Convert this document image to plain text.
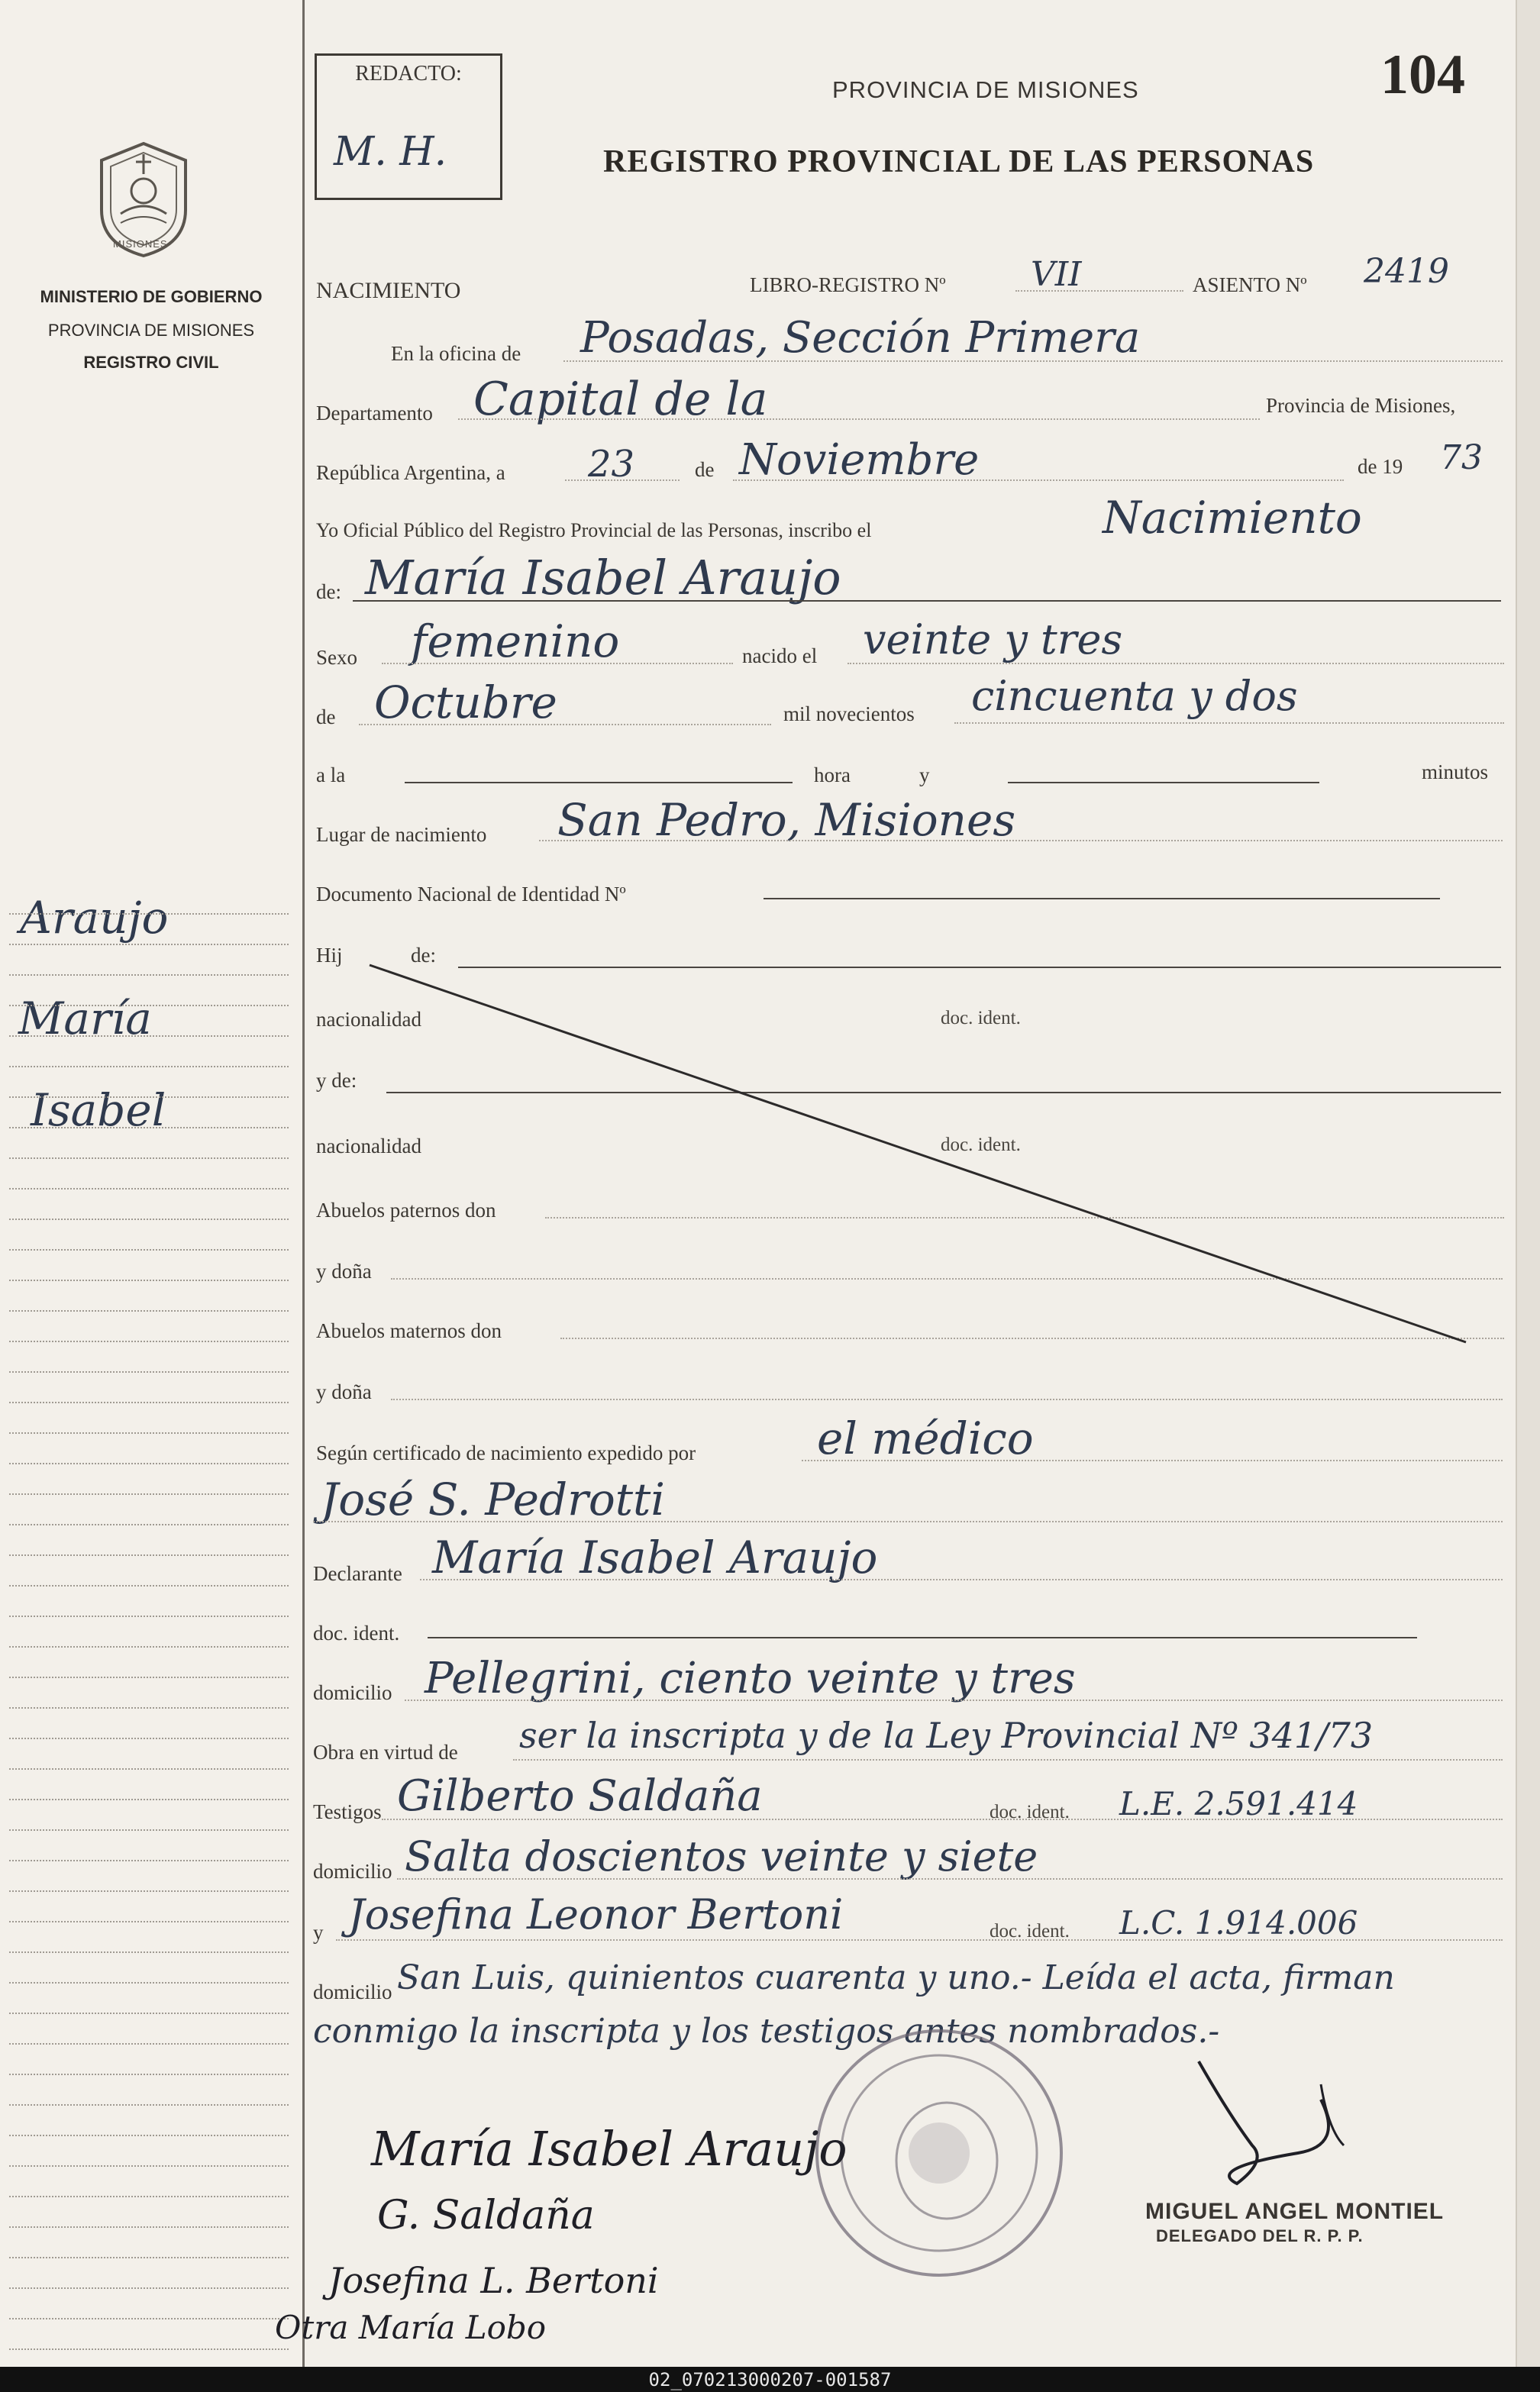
MISIONES
MINISTERIO DE GOBIERNO
PROVINCIA DE MISIONES
REGISTRO CIVIL
Araujo
María
Isabel
REDACTO:
M. H.
PROVINCIA DE MISIONES	104
REGISTRO PROVINCIAL DE LAS PERSONAS
NACIMIENTO	LIBRO-REGISTRO Nº	VII	ASIENTO Nº 2419
En la oficina de Posadas, Sección Primera
Departamento Capital de la	Provincia de Misiones,
República Argentina, a 23	de Noviembre	de 19 73
Yo Oficial Público del Registro Provincial de las Personas, inscribo el	Nacimiento
de: María Isabel Araujo
Sexo femenino	nacido el veinte y tres
de Octubre	mil novecientos cincuenta y dos
a la	hora	y	minutos
Lugar de nacimiento San Pedro, Misiones
Documento Nacional de Identidad Nº
Hij	de:
nacionalidad	doc. ident.
y de:
nacionalidad	doc. ident.
Abuelos paternos don
y doña
Abuelos maternos don
y doña
Según certificado de nacimiento expedido por	el médico
José S. Pedrotti
Declarante María Isabel Araujo
doc. ident.
domicilio Pellegrini, ciento veinte y tres
Obra en virtud de ser la inscripta y de la Ley Provincial Nº 341/73
Testigos Gilberto Saldaña	doc. ident. L.E. 2.591.414
domicilio Salta doscientos veinte y siete
y Josefina Leonor Bertoni	doc. ident. L.C. 1.914.006
domicilio San Luis, quinientos cuarenta y uno.- Leída el acta, firman conmigo la inscripta y los testigos antes nombrados.-
María Isabel Araujo
G. Saldaña
Josefina L. Bertoni
Otra María Lobo
MIGUEL ANGEL MONTIEL
DELEGADO DEL R. P. P.
02_070213000207-001587
